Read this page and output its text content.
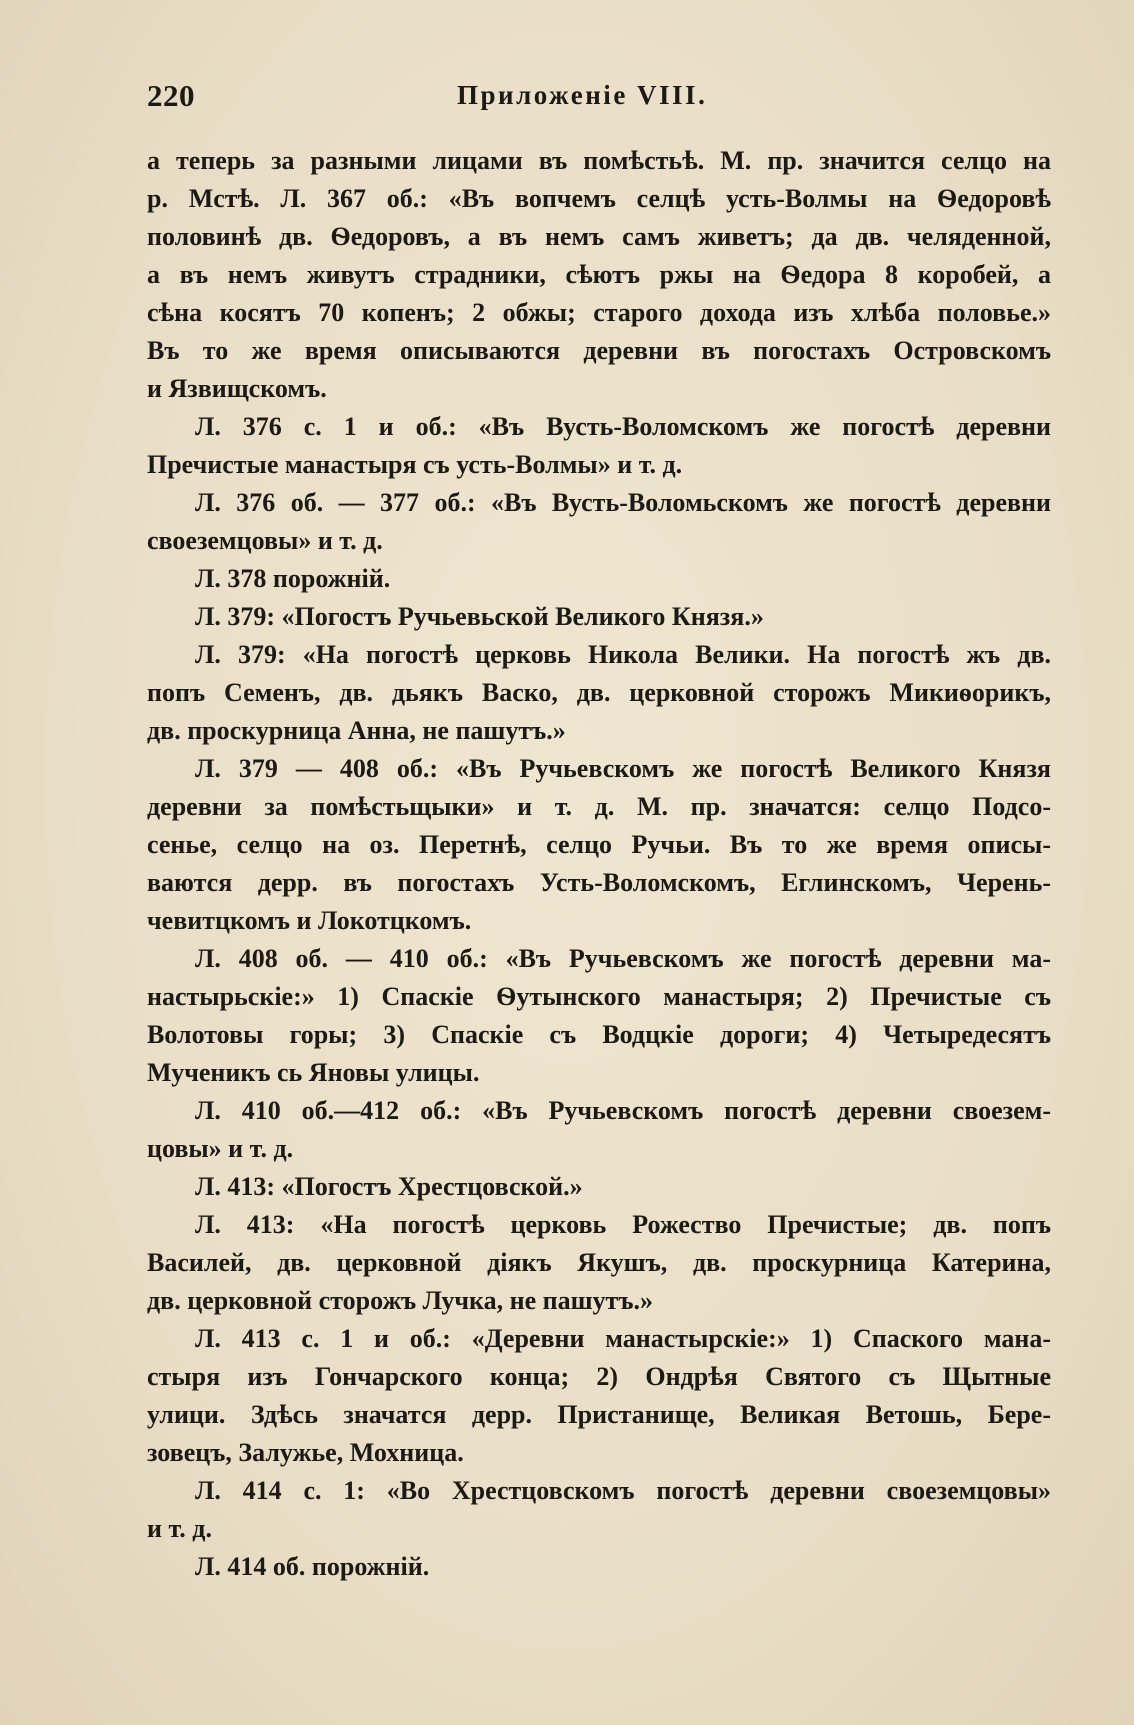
220	Приложеніе VIII.
а теперь за разными лицами въ помѣстьѣ. М. пр. значится селцо на
р. Мстѣ. Л. 367 об.: «Въ вопчемъ селцѣ усть-Волмы на Ѳедоровѣ
половинѣ дв. Ѳедоровъ, а въ немъ самъ живетъ; да дв. челяденной,
а въ немъ живутъ страдники, сѣютъ ржы на Ѳедора 8 коробей, а
сѣна косятъ 70 копенъ; 2 обжы; старого дохода изъ хлѣба половье.»
Въ то же время описываются деревни въ погостахъ Островскомъ
и Язвищскомъ.
Л. 376 с. 1 и об.: «Въ Вусть-Воломскомъ же погостѣ деревни
Пречистые манастыря съ усть-Волмы» и т. д.
Л. 376 об. — 377 об.: «Въ Вусть-Воломьскомъ же погостѣ деревни
своеземцовы» и т. д.
Л. 378 порожній.
Л. 379: «Погостъ Ручьевьской Великого Князя.»
Л. 379: «На погостѣ церковь Никола Велики. На погостѣ жъ дв.
попъ Семенъ, дв. дьякъ Васко, дв. церковной сторожъ Микиѳорикъ,
дв. проскурница Анна, не пашутъ.»
Л. 379 — 408 об.: «Въ Ручьевскомъ же погостѣ Великого Князя
деревни за помѣстьщыки» и т. д. М. пр. значатся: селцо Подсо-
сенье, селцо на оз. Перетнѣ, селцо Ручьи. Въ то же время описы-
ваются дерр. въ погостахъ Усть-Воломскомъ, Еглинскомъ, Черень-
чевитцкомъ и Локотцкомъ.
Л. 408 об. — 410 об.: «Въ Ручьевскомъ же погостѣ деревни ма-
настырьскіе:» 1) Спаскіе Ѳутынского манастыря; 2) Пречистые съ
Волотовы горы; 3) Спаскіе съ Водцкіе дороги; 4) Четыредесятъ
Мученикъ сь Яновы улицы.
Л. 410 об.—412 об.: «Въ Ручьевскомъ погостѣ деревни своезем-
цовы» и т. д.
Л. 413: «Погостъ Хрестцовской.»
Л. 413: «На погостѣ церковь Рожество Пречистые; дв. попъ
Василей, дв. церковной діякъ Якушъ, дв. проскурница Катерина,
дв. церковной сторожъ Лучка, не пашутъ.»
Л. 413 с. 1 и об.: «Деревни манастырскіе:» 1) Спаского мана-
стыря изъ Гончарского конца; 2) Ондрѣя Святого съ Щытные
улици. Здѣсь значатся дерр. Пристанище, Великая Ветошь, Бере-
зовецъ, Залужье, Мохница.
Л. 414 с. 1: «Во Хрестцовскомъ погостѣ деревни своеземцовы»
и т. д.
Л. 414 об. порожній.
